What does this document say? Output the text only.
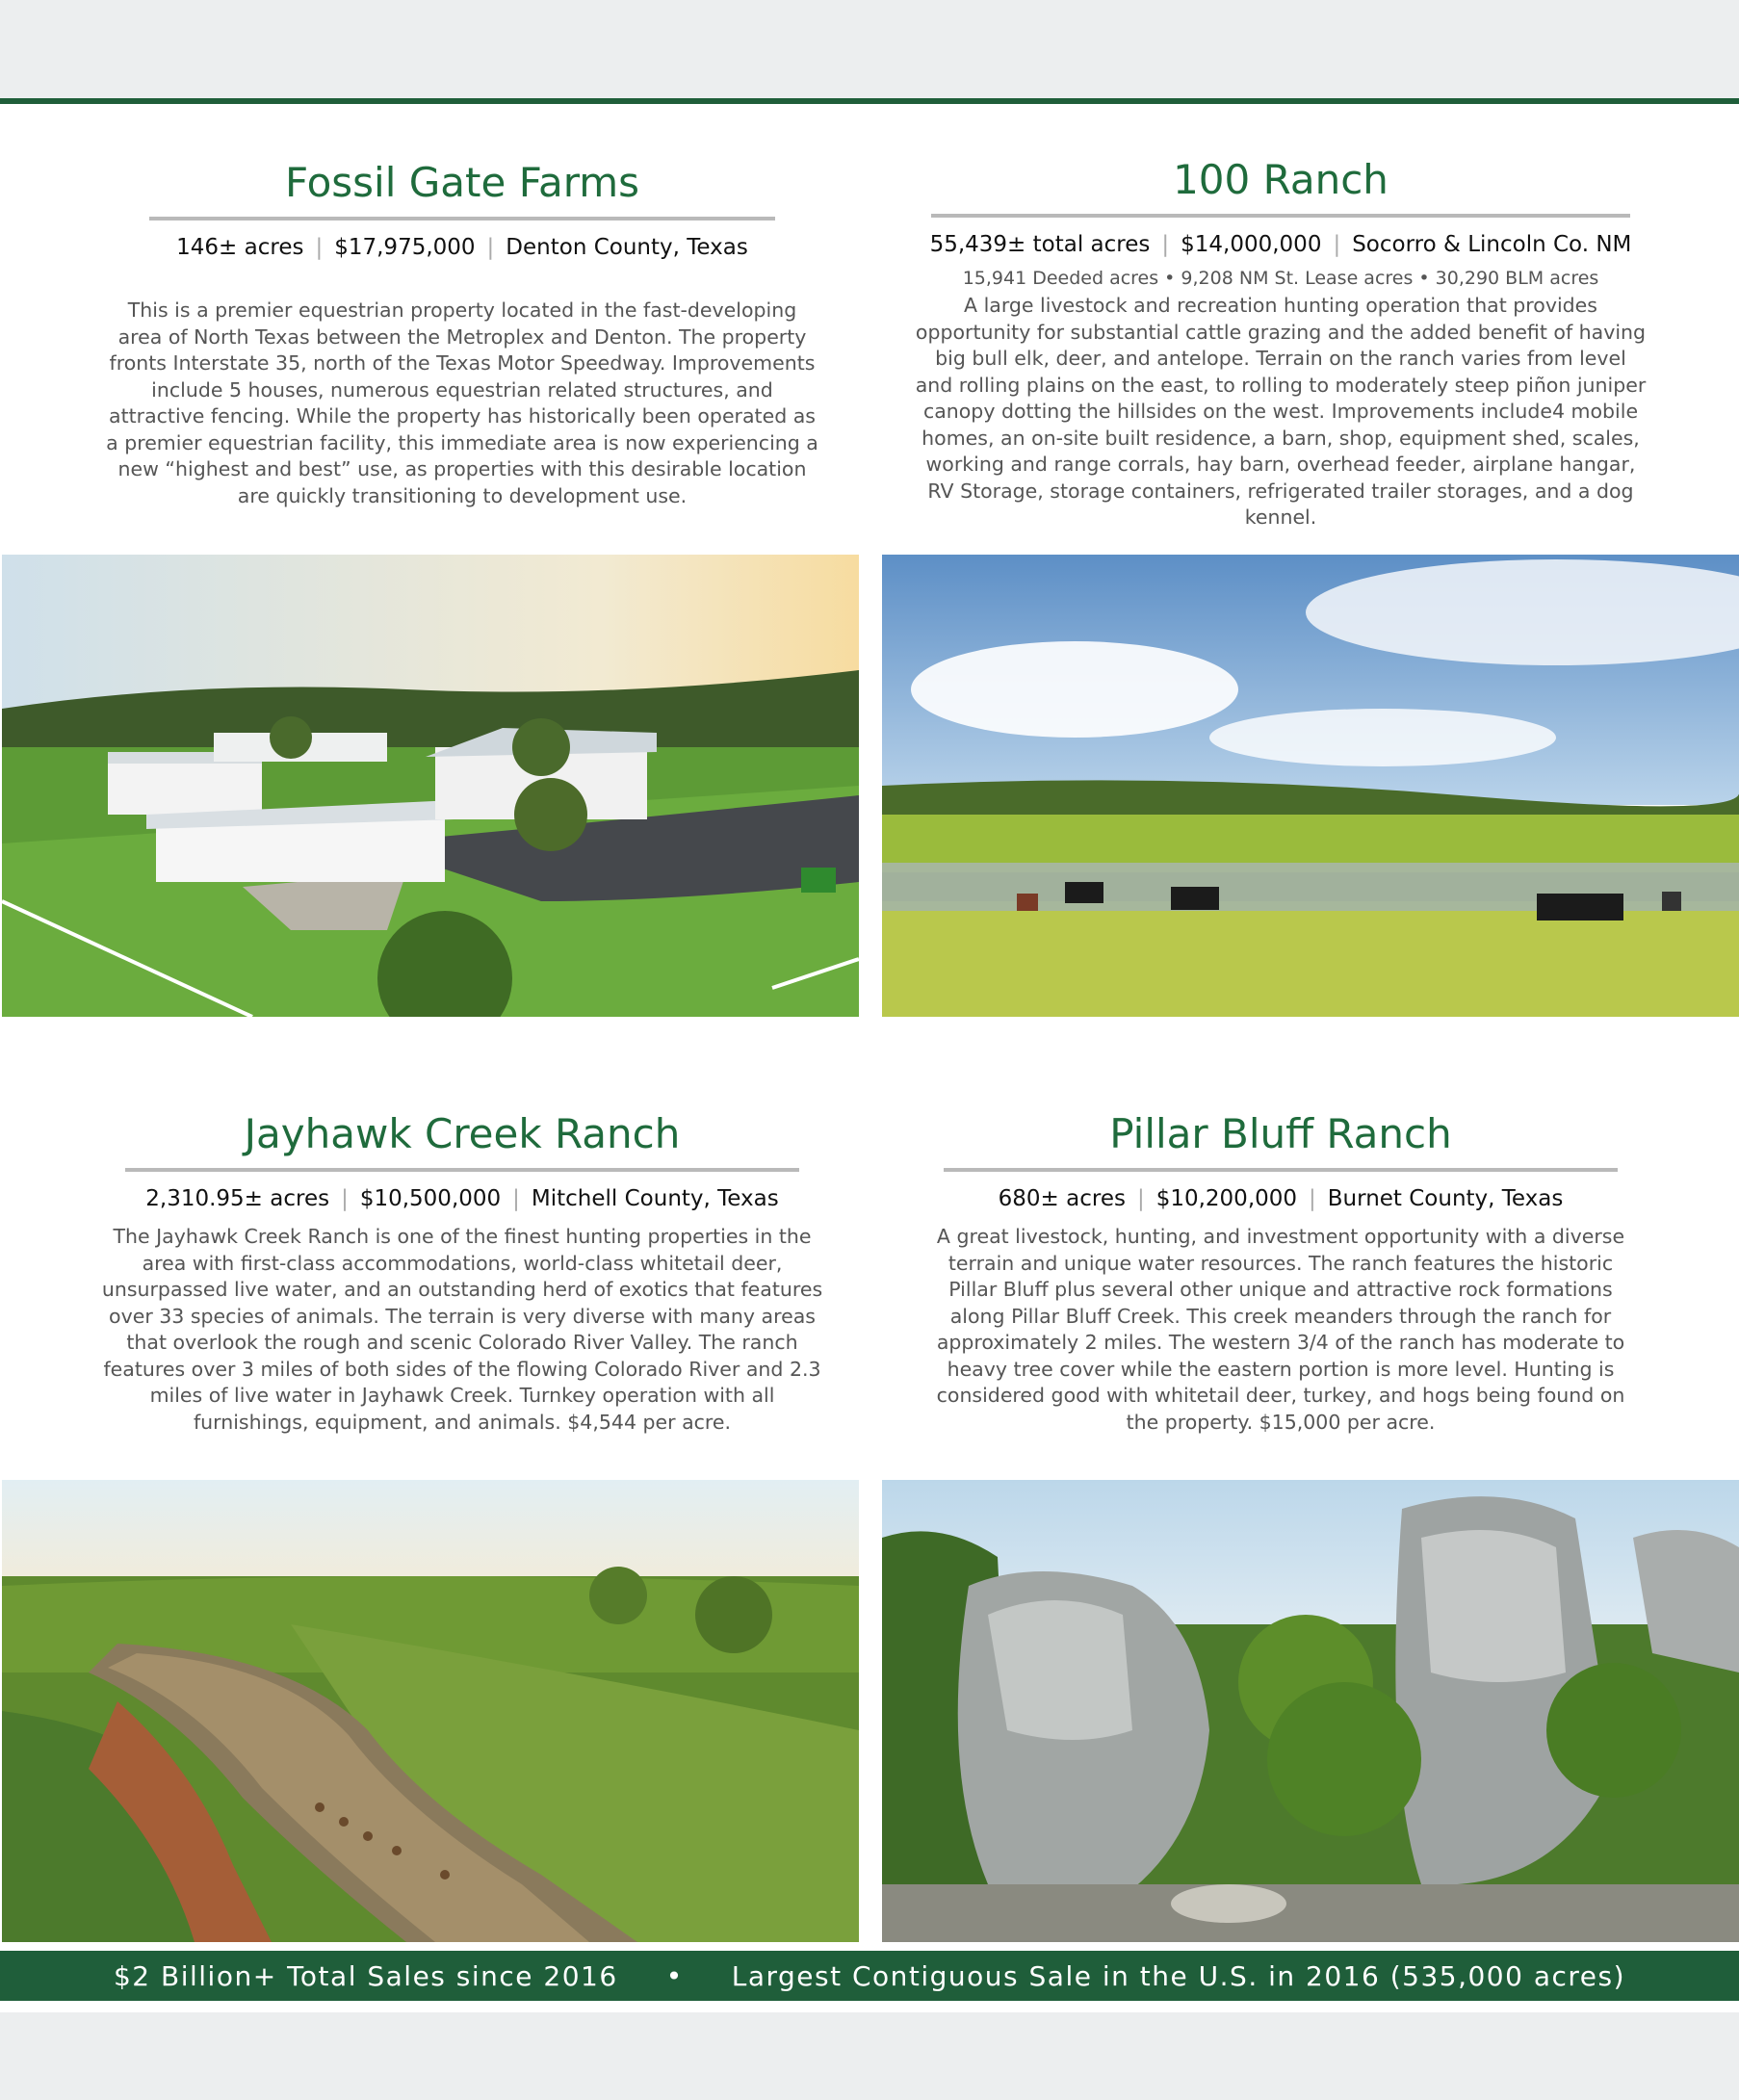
Fossil Gate Farms
146± acres | $17,975,000 | Denton County, Texas
This is a premier equestrian property located in the fast-developing area of North Texas between the Metroplex and Denton. The property fronts Interstate 35, north of the Texas Motor Speedway. Improvements include 5 houses, numerous equestrian related structures, and attractive fencing. While the property has historically been operated as a premier equestrian facility, this immediate area is now experiencing a new “highest and best” use, as properties with this desirable location are quickly transitioning to development use.
100 Ranch
55,439± total acres | $14,000,000 | Socorro & Lincoln Co. NM
15,941 Deeded acres • 9,208 NM St. Lease acres • 30,290 BLM acres
A large livestock and recreation hunting operation that provides opportunity for substantial cattle grazing and the added benefit of having big bull elk, deer, and antelope. Terrain on the ranch varies from level and rolling plains on the east, to rolling to moderately steep piñon juniper canopy dotting the hillsides on the west. Improvements include4 mobile homes, an on-site built residence, a barn, shop, equipment shed, scales, working and range corrals, hay barn, overhead feeder, airplane hangar, RV Storage, storage containers, refrigerated trailer storages, and a dog kennel.
Jayhawk Creek Ranch
2,310.95± acres | $10,500,000 | Mitchell County, Texas
The Jayhawk Creek Ranch is one of the finest hunting properties in the area with first-class accommodations, world-class whitetail deer, unsurpassed live water, and an outstanding herd of exotics that features over 33 species of animals. The terrain is very diverse with many areas that overlook the rough and scenic Colorado River Valley. The ranch features over 3 miles of both sides of the flowing Colorado River and 2.3 miles of live water in Jayhawk Creek. Turnkey operation with all furnishings, equipment, and animals. $4,544 per acre.
Pillar Bluff Ranch
680± acres | $10,200,000 | Burnet County, Texas
A great livestock, hunting, and investment opportunity with a diverse terrain and unique water resources. The ranch features the historic Pillar Bluff plus several other unique and attractive rock formations along Pillar Bluff Creek. This creek meanders through the ranch for approximately 2 miles. The western 3/4 of the ranch has moderate to heavy tree cover while the eastern portion is more level. Hunting is considered good with whitetail deer, turkey, and hogs being found on the property. $15,000 per acre.
$2 Billion+ Total Sales since 2016 • Largest Contiguous Sale in the U.S. in 2016 (535,000 acres)
